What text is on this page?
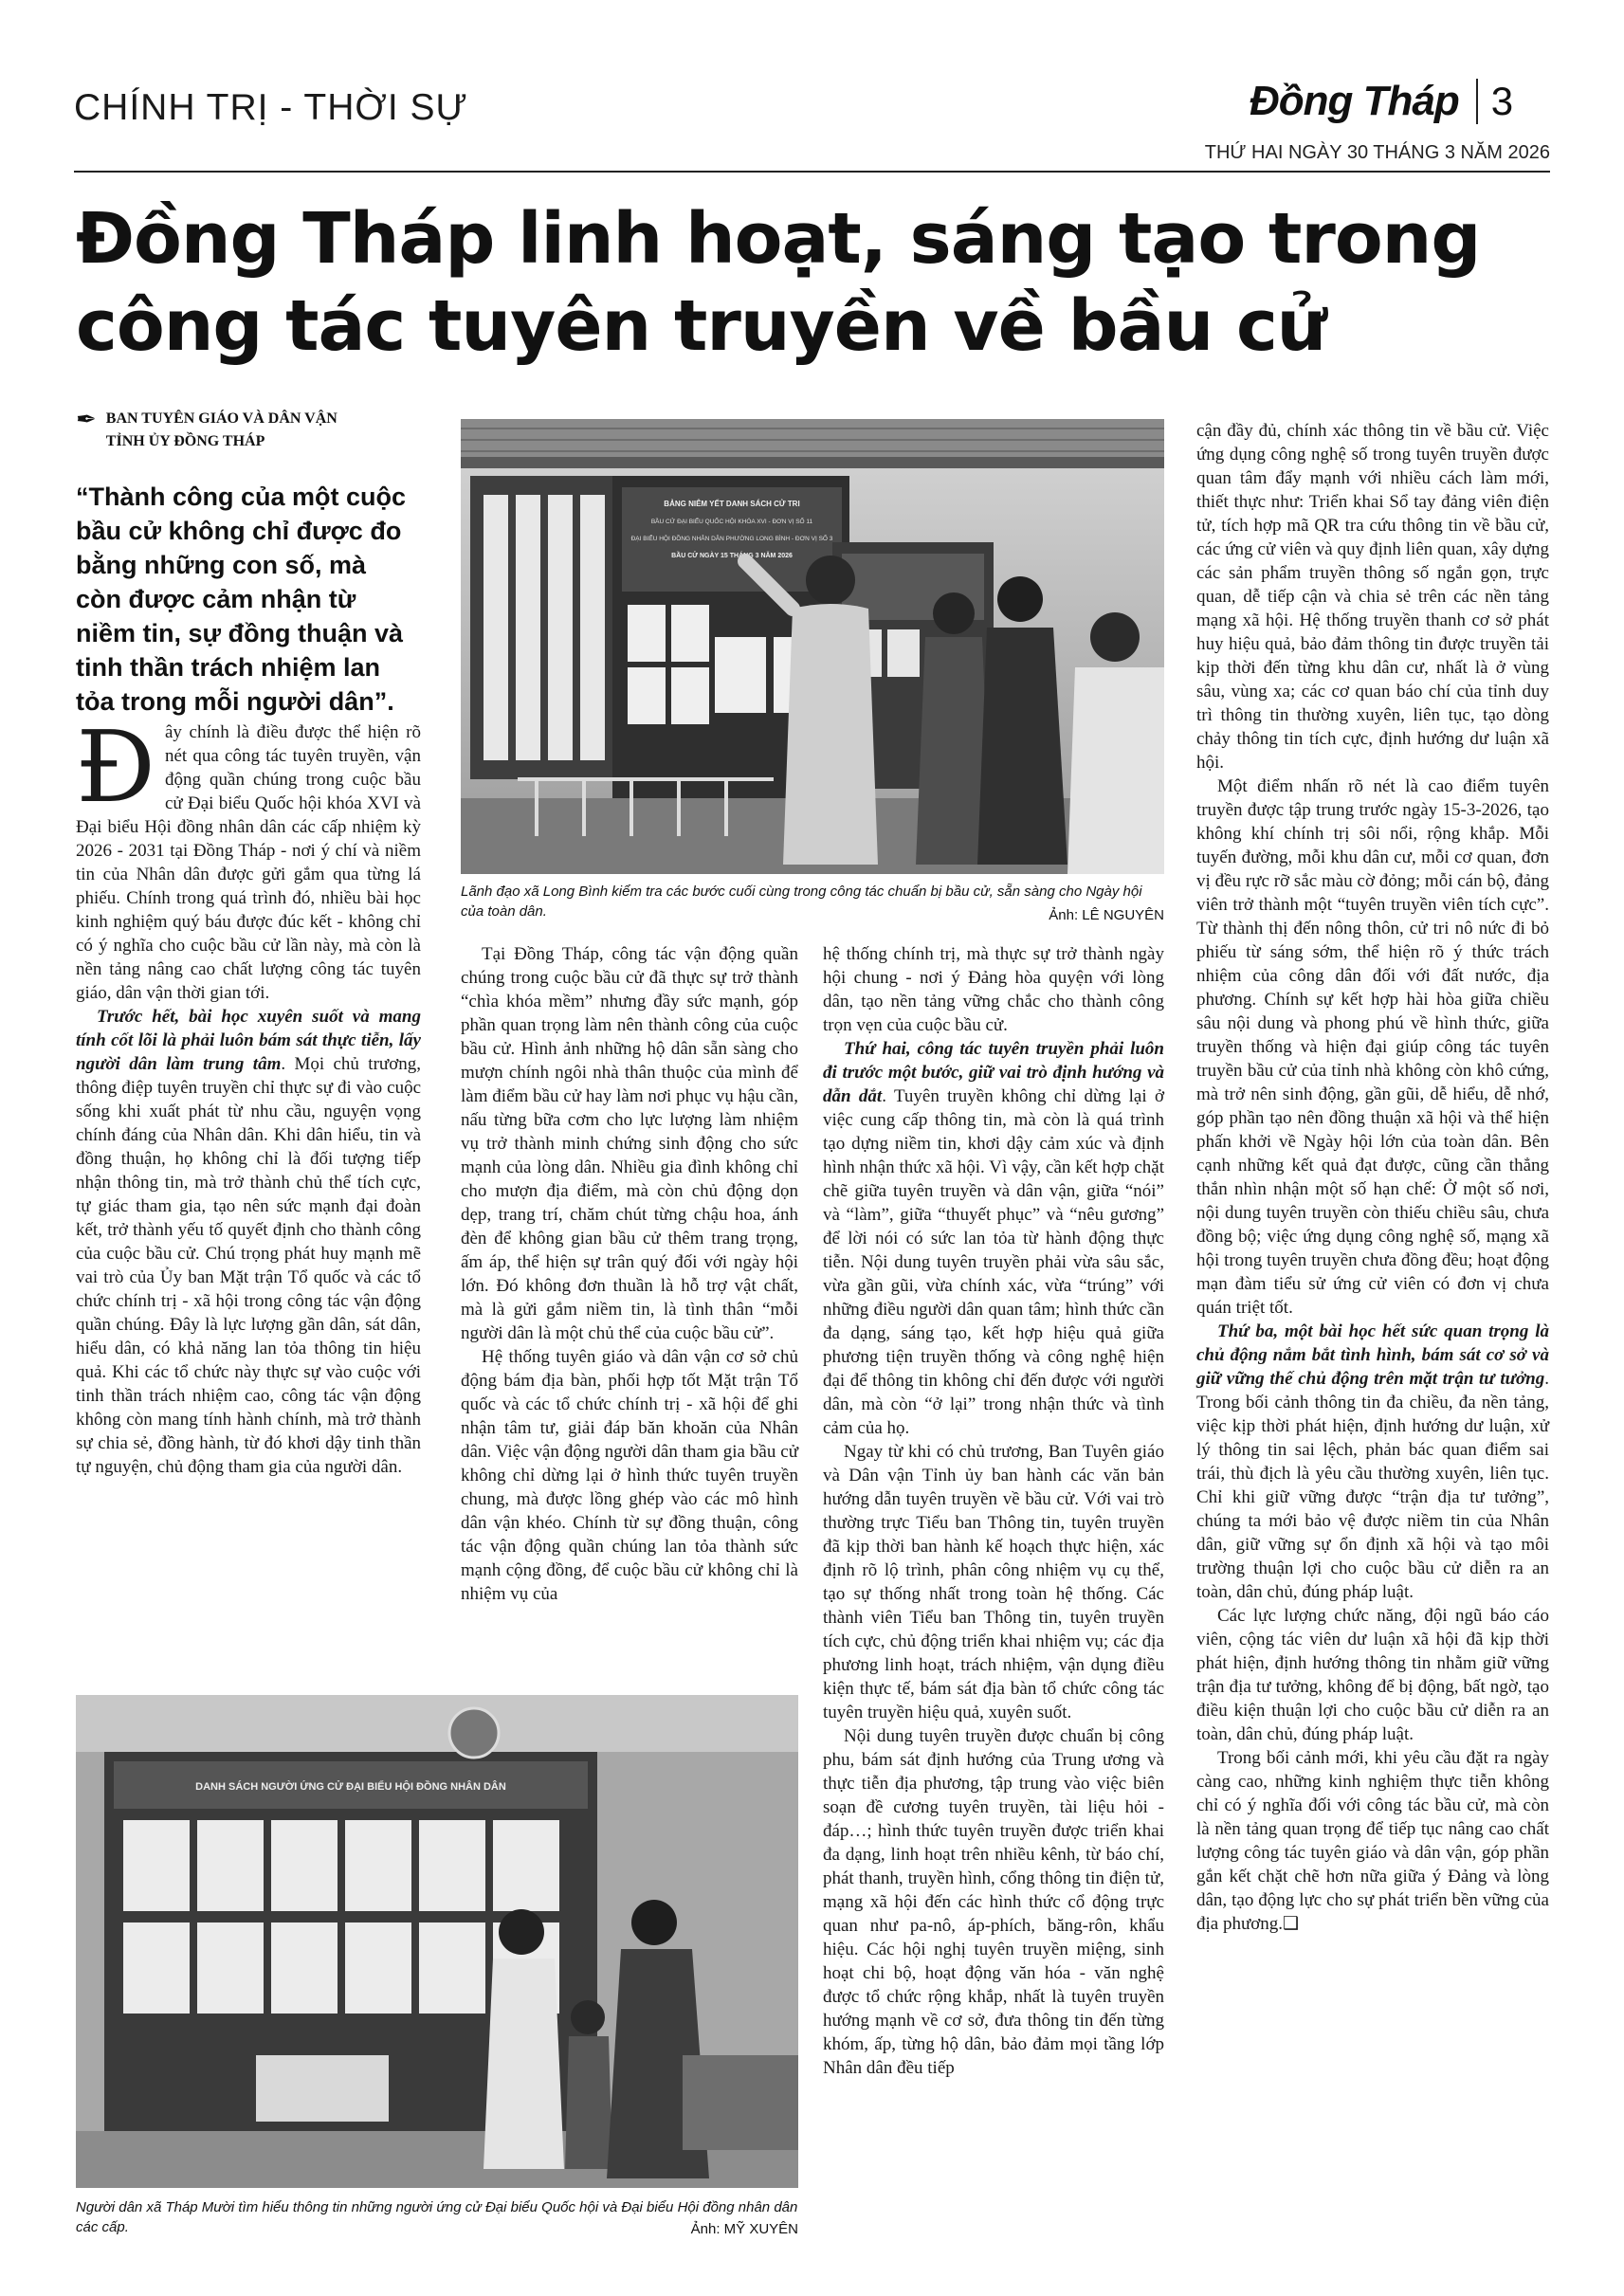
CHÍNH TRỊ - THỜI SỰ	Đồng Tháp 3
THỨ HAI NGÀY 30 THÁNG 3 NĂM 2026
Đồng Tháp linh hoạt, sáng tạo trong
công tác tuyên truyền về bầu cử
✒ BAN TUYÊN GIÁO VÀ DÂN VẬN
TỈNH ỦY ĐỒNG THÁP
“Thành công của một cuộc bầu cử không chỉ được đo bằng những con số, mà còn được cảm nhận từ niềm tin, sự đồng thuận và tinh thần trách nhiệm lan tỏa trong mỗi người dân”.

Đây chính là điều được thể hiện rõ nét qua công tác tuyên truyền, vận động quần chúng trong cuộc bầu cử Đại biểu Quốc hội khóa XVI và Đại biểu Hội đồng nhân dân các cấp nhiệm kỳ 2026 - 2031 tại Đồng Tháp - nơi ý chí và niềm tin của Nhân dân được gửi gắm qua từng lá phiếu. Chính trong quá trình đó, nhiều bài học kinh nghiệm quý báu được đúc kết - không chỉ có ý nghĩa cho cuộc bầu cử lần này, mà còn là nền tảng nâng cao chất lượng công tác tuyên giáo, dân vận thời gian tới.

Trước hết, bài học xuyên suốt và mang tính cốt lõi là phải luôn bám sát thực tiễn, lấy người dân làm trung tâm. Mọi chủ trương, thông điệp tuyên truyền chỉ thực sự đi vào cuộc sống khi xuất phát từ nhu cầu, nguyện vọng chính đáng của Nhân dân. Khi dân hiểu, tin và đồng thuận, họ không chỉ là đối tượng tiếp nhận thông tin, mà trở thành chủ thể tích cực, tự giác tham gia, tạo nên sức mạnh đại đoàn kết, trở thành yếu tố quyết định cho thành công của cuộc bầu cử. Chú trọng phát huy mạnh mẽ vai trò của Ủy ban Mặt trận Tổ quốc và các tổ chức chính trị - xã hội trong công tác vận động quần chúng. Đây là lực lượng gần dân, sát dân, hiểu dân, có khả năng lan tỏa thông tin hiệu quả. Khi các tổ chức này thực sự vào cuộc với tinh thần trách nhiệm cao, công tác vận động không còn mang tính hành chính, mà trở thành sự chia sẻ, đồng hành, từ đó khơi dậy tinh thần tự nguyện, chủ động tham gia của người dân.

BẢNG NIÊM YẾT DANH SÁCH CỬ TRI
BẦU CỬ ĐẠI BIỂU QUỐC HỘI KHÓA XVI - ĐƠN VỊ SỐ 11
ĐẠI BIỂU HỘI ĐỒNG NHÂN DÂN PHƯỜNG LONG BÌNH - ĐƠN VỊ SỐ 3
BẦU CỬ NGÀY 15 THÁNG 3 NĂM 2026
Lãnh đạo xã Long Bình kiểm tra các bước cuối cùng trong công tác chuẩn bị bầu cử, sẵn sàng cho Ngày hội của toàn dân.	Ảnh: LÊ NGUYÊN

Tại Đồng Tháp, công tác vận động quần chúng trong cuộc bầu cử đã thực sự trở thành “chìa khóa mềm” nhưng đầy sức mạnh, góp phần quan trọng làm nên thành công của cuộc bầu cử. Hình ảnh những hộ dân sẵn sàng cho mượn chính ngôi nhà thân thuộc của mình để làm điểm bầu cử hay làm nơi phục vụ hậu cần, nấu từng bữa cơm cho lực lượng làm nhiệm vụ trở thành minh chứng sinh động cho sức mạnh của lòng dân. Nhiều gia đình không chỉ cho mượn địa điểm, mà còn chủ động dọn dẹp, trang trí, chăm chút từng chậu hoa, ánh đèn để không gian bầu cử thêm trang trọng, ấm áp, thể hiện sự trân quý đối với ngày hội lớn. Đó không đơn thuần là hỗ trợ vật chất, mà là gửi gắm niềm tin, là tình thân “mỗi người dân là một chủ thể của cuộc bầu cử”.

Hệ thống tuyên giáo và dân vận cơ sở chủ động bám địa bàn, phối hợp tốt Mặt trận Tổ quốc và các tổ chức chính trị - xã hội để ghi nhận tâm tư, giải đáp băn khoăn của Nhân dân. Việc vận động người dân tham gia bầu cử không chỉ dừng lại ở hình thức tuyên truyền chung, mà được lồng ghép vào các mô hình dân vận khéo. Chính từ sự đồng thuận, công tác vận động quần chúng lan tỏa thành sức mạnh cộng đồng, để cuộc bầu cử không chỉ là nhiệm vụ của

hệ thống chính trị, mà thực sự trở thành ngày hội chung - nơi ý Đảng hòa quyện với lòng dân, tạo nền tảng vững chắc cho thành công trọn vẹn của cuộc bầu cử.

Thứ hai, công tác tuyên truyền phải luôn đi trước một bước, giữ vai trò định hướng và dẫn dắt. Tuyên truyền không chỉ dừng lại ở việc cung cấp thông tin, mà còn là quá trình tạo dựng niềm tin, khơi dậy cảm xúc và định hình nhận thức xã hội. Vì vậy, cần kết hợp chặt chẽ giữa tuyên truyền và dân vận, giữa “nói” và “làm”, giữa “thuyết phục” và “nêu gương” để lời nói có sức lan tỏa từ hành động thực tiễn. Nội dung tuyên truyền phải vừa sâu sắc, vừa gần gũi, vừa chính xác, vừa “trúng” với những điều người dân quan tâm; hình thức cần đa dạng, sáng tạo, kết hợp hiệu quả giữa phương tiện truyền thống và công nghệ hiện đại để thông tin không chỉ đến được với người dân, mà còn “ở lại” trong nhận thức và tình cảm của họ.

Ngay từ khi có chủ trương, Ban Tuyên giáo và Dân vận Tỉnh ủy ban hành các văn bản hướng dẫn tuyên truyền về bầu cử. Với vai trò thường trực Tiểu ban Thông tin, tuyên truyền đã kịp thời ban hành kế hoạch thực hiện, xác định rõ lộ trình, phân công nhiệm vụ cụ thể, tạo sự thống nhất trong toàn hệ thống. Các thành viên Tiểu ban Thông tin, tuyên truyền tích cực, chủ động triển khai nhiệm vụ; các địa phương linh hoạt, trách nhiệm, vận dụng điều kiện thực tế, bám sát địa bàn tổ chức công tác tuyên truyền hiệu quả, xuyên suốt.

Nội dung tuyên truyền được chuẩn bị công phu, bám sát định hướng của Trung ương và thực tiễn địa phương, tập trung vào việc biên soạn đề cương tuyên truyền, tài liệu hỏi - đáp…; hình thức tuyên truyền được triển khai đa dạng, linh hoạt trên nhiều kênh, từ báo chí, phát thanh, truyền hình, cổng thông tin điện tử, mạng xã hội đến các hình thức cổ động trực quan như pa-nô, áp-phích, băng-rôn, khẩu hiệu. Các hội nghị tuyên truyền miệng, sinh hoạt chi bộ, hoạt động văn hóa - văn nghệ được tổ chức rộng khắp, nhất là tuyên truyền hướng mạnh về cơ sở, đưa thông tin đến từng khóm, ấp, từng hộ dân, bảo đảm mọi tầng lớp Nhân dân đều tiếp

cận đầy đủ, chính xác thông tin về bầu cử. Việc ứng dụng công nghệ số trong tuyên truyền được quan tâm đẩy mạnh với nhiều cách làm mới, thiết thực như: Triển khai Sổ tay đảng viên điện tử, tích hợp mã QR tra cứu thông tin về bầu cử, các ứng cử viên và quy định liên quan, xây dựng các sản phẩm truyền thông số ngắn gọn, trực quan, dễ tiếp cận và chia sẻ trên các nền tảng mạng xã hội. Hệ thống truyền thanh cơ sở phát huy hiệu quả, bảo đảm thông tin được truyền tải kịp thời đến từng khu dân cư, nhất là ở vùng sâu, vùng xa; các cơ quan báo chí của tỉnh duy trì thông tin thường xuyên, liên tục, tạo dòng chảy thông tin tích cực, định hướng dư luận xã hội.

Một điểm nhấn rõ nét là cao điểm tuyên truyền được tập trung trước ngày 15-3-2026, tạo không khí chính trị sôi nổi, rộng khắp. Mỗi tuyến đường, mỗi khu dân cư, mỗi cơ quan, đơn vị đều rực rỡ sắc màu cờ đỏng; mỗi cán bộ, đảng viên trở thành một “tuyên truyền viên tích cực”. Từ thành thị đến nông thôn, cử tri nô nức đi bỏ phiếu từ sáng sớm, thể hiện rõ ý thức trách nhiệm của công dân đối với đất nước, địa phương. Chính sự kết hợp hài hòa giữa chiều sâu nội dung và phong phú về hình thức, giữa truyền thống và hiện đại giúp công tác tuyên truyền bầu cử của tỉnh nhà không còn khô cứng, mà trở nên sinh động, gần gũi, dễ hiểu, dễ nhớ, góp phần tạo nên đồng thuận xã hội và thể hiện phấn khởi về Ngày hội lớn của toàn dân. Bên cạnh những kết quả đạt được, cũng cần thẳng thắn nhìn nhận một số hạn chế: Ở một số nơi, nội dung tuyên truyền còn thiếu chiều sâu, chưa đồng bộ; việc ứng dụng công nghệ số, mạng xã hội trong tuyên truyền chưa đồng đều; hoạt động mạn đàm tiểu sử ứng cử viên có đơn vị chưa quán triệt tốt.

Thứ ba, một bài học hết sức quan trọng là chủ động nắm bắt tình hình, bám sát cơ sở và giữ vững thế chủ động trên mặt trận tư tưởng. Trong bối cảnh thông tin đa chiều, đa nền tảng, việc kịp thời phát hiện, định hướng dư luận, xử lý thông tin sai lệch, phản bác quan điểm sai trái, thù địch là yêu cầu thường xuyên, liên tục. Chỉ khi giữ vững được “trận địa tư tưởng”, chúng ta mới bảo vệ được niềm tin của Nhân dân, giữ vững sự ổn định xã hội và tạo môi trường thuận lợi cho cuộc bầu cử diễn ra an toàn, dân chủ, đúng pháp luật.

Các lực lượng chức năng, đội ngũ báo cáo viên, cộng tác viên dư luận xã hội đã kịp thời phát hiện, định hướng thông tin nhằm giữ vững trận địa tư tưởng, không để bị động, bất ngờ, tạo điều kiện thuận lợi cho cuộc bầu cử diễn ra an toàn, dân chủ, đúng pháp luật.

Trong bối cảnh mới, khi yêu cầu đặt ra ngày càng cao, những kinh nghiệm thực tiễn không chỉ có ý nghĩa đối với công tác bầu cử, mà còn là nền tảng quan trọng để tiếp tục nâng cao chất lượng công tác tuyên giáo và dân vận, góp phần gắn kết chặt chẽ hơn nữa giữa ý Đảng và lòng dân, tạo động lực cho sự phát triển bền vững của địa phương.❑

DANH SÁCH NGƯỜI ỨNG CỬ ĐẠI BIỂU HỘI ĐỒNG NHÂN DÂN
Người dân xã Tháp Mười tìm hiểu thông tin những người ứng cử Đại biểu Quốc hội và Đại biểu Hội đồng nhân dân các cấp.	Ảnh: MỸ XUYÊN
